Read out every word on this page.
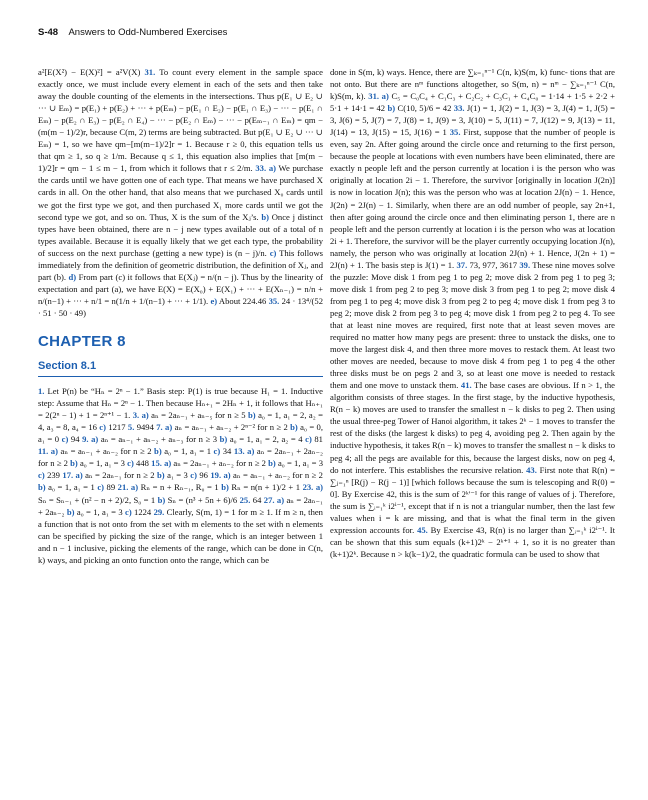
S-48 Answers to Odd-Numbered Exercises

a²[E(X²) − E(X)²] = a²V(X) 31. To count every element in the sample space exactly once, we must include every element in each of the sets and then take away the double counting of the elements in the intersections. Thus p(E₁ ∪ E₂ ∪ ··· ∪ Eₘ) = p(E₁) + p(E₂) + ··· + p(Eₘ) − p(E₁ ∩ E₂) − p(E₁ ∩ E₃) − ··· − p(E₁ ∩ Eₘ) − p(E₂ ∩ E₃) − p(E₂ ∩ E₄) − ··· − p(E₂ ∩ Eₘ) − ··· − p(Eₘ₋₁ ∩ Eₘ) = qm − (m(m − 1)/2)r, because C(m, 2) terms are being subtracted. But p(E₁ ∪ E₂ ∪ ··· ∪ Eₘ) = 1, so we have qm−[m(m−1)/2]r = 1. Because r ≥ 0, this equation tells us that qm ≥ 1, so q ≥ 1/m. Because q ≤ 1, this equation also implies that [m(m − 1)/2]r = qm − 1 ≤ m − 1, from which it follows that r ≤ 2/m. 33. a) We purchase the cards until we have gotten one of each type. That means we have purchased X cards in all. On the other hand, that also means that we purchased X₀ cards until we got the first type we got, and then purchased X₁ more cards until we got the second type we got, and so on. Thus, X is the sum of the Xⱼ’s. b) Once j distinct types have been obtained, there are n − j new types available out of a total of n types available. Because it is equally likely that we get each type, the probability of success on the next purchase (getting a new type) is (n − j)/n. c) This follows immediately from the definition of geometric distribution, the definition of Xⱼ, and part (b). d) From part (c) it follows that E(Xⱼ) = n/(n − j). Thus by the linearity of expectation and part (a), we have E(X) = E(X₀) + E(X₁) + ··· + E(Xₙ₋₁) = n/n + n/(n−1) + ··· + n/1 = n(1/n + 1/(n−1) + ··· + 1/1). e) About 224.46 35. 24 · 13⁴/(52 · 51 · 50 · 49)

CHAPTER 8
Section 8.1

1. Let P(n) be “Hₙ = 2ⁿ − 1.” Basis step: P(1) is true because H₁ = 1. Inductive step: Assume that Hₙ = 2ⁿ − 1. Then because Hₙ₊₁ = 2Hₙ + 1, it follows that Hₙ₊₁ = 2(2ⁿ − 1) + 1 = 2ⁿ⁺¹ − 1. 3. a) aₙ = 2aₙ₋₁ + aₙ₋₅ for n ≥ 5 b) a₀ = 1, a₁ = 2, a₂ = 4, a₃ = 8, a₄ = 16 c) 1217 5. 9494 7. a) aₙ = aₙ₋₁ + aₙ₋₂ + 2ⁿ⁻² for n ≥ 2 b) a₀ = 0, a₁ = 0 c) 94 9. a) aₙ = aₙ₋₁ + aₙ₋₂ + aₙ₋₃ for n ≥ 3 b) a₀ = 1, a₁ = 2, a₂ = 4 c) 81 11. a) aₙ = aₙ₋₁ + aₙ₋₂ for n ≥ 2 b) a₀ = 1, a₁ = 1 c) 34 13. a) aₙ = 2aₙ₋₁ + 2aₙ₋₂ for n ≥ 2 b) a₀ = 1, a₁ = 3 c) 448 15. a) aₙ = 2aₙ₋₁ + aₙ₋₂ for n ≥ 2 b) a₀ = 1, a₁ = 3 c) 239 17. a) aₙ = 2aₙ₋₁ for n ≥ 2 b) a₁ = 3 c) 96 19. a) aₙ = aₙ₋₁ + aₙ₋₂ for n ≥ 2 b) a₀ = 1, a₁ = 1 c) 89 21. a) Rₙ = n + Rₙ₋₁, R₀ = 1 b) Rₙ = n(n + 1)/2 + 1 23. a) Sₙ = Sₙ₋₁ + (n² − n + 2)/2, S₀ = 1 b) Sₙ = (n³ + 5n + 6)/6 25. 64 27. a) aₙ = 2aₙ₋₁ + 2aₙ₋₂ b) a₀ = 1, a₁ = 3 c) 1224 29. Clearly, S(m, 1) = 1 for m ≥ 1. If m ≥ n, then a function that is not onto from the set with m elements to the set with n elements can be specified by picking the size of the range, which is an integer between 1 and n − 1 inclusive, picking the elements of the range, which can be done in C(n, k) ways, and picking an onto function onto the range, which can be

done in S(m, k) ways. Hence, there are ∑ₖ₌₁ⁿ⁻¹ C(n, k)S(m, k) func- tions that are not onto. But there are nᵐ functions altogether, so S(m, n) = nᵐ − ∑ₖ₌₁ⁿ⁻¹ C(n, k)S(m, k). 31. a) C₅ = C₀C₄ + C₁C₃ + C₂C₂ + C₃C₁ + C₄C₀ = 1·14 + 1·5 + 2·2 + 5·1 + 14·1 = 42 b) C(10, 5)/6 = 42 33. J(1) = 1, J(2) = 1, J(3) = 3, J(4) = 1, J(5) = 3, J(6) = 5, J(7) = 7, J(8) = 1, J(9) = 3, J(10) = 5, J(11) = 7, J(12) = 9, J(13) = 11, J(14) = 13, J(15) = 15, J(16) = 1 35. First, suppose that the number of people is even, say 2n. After going around the circle once and returning to the first person, because the people at locations with even numbers have been eliminated, there are exactly n people left and the person currently at location i is the person who was originally at location 2i − 1. Therefore, the survivor [originally in location J(2n)] is now in location J(n); this was the person who was at location 2J(n) − 1. Hence, J(2n) = 2J(n) − 1. Similarly, when there are an odd number of people, say 2n+1, then after going around the circle once and then eliminating person 1, there are n people left and the person currently at location i is the person who was at location 2i + 1. Therefore, the survivor will be the player currently occupying location J(n), namely, the person who was originally at location 2J(n) + 1. Hence, J(2n + 1) = 2J(n) + 1. The basis step is J(1) = 1. 37. 73, 977, 3617 39. These nine moves solve the puzzle: Move disk 1 from peg 1 to peg 2; move disk 2 from peg 1 to peg 3; move disk 1 from peg 2 to peg 3; move disk 3 from peg 1 to peg 2; move disk 4 from peg 1 to peg 4; move disk 3 from peg 2 to peg 4; move disk 1 from peg 3 to peg 2; move disk 2 from peg 3 to peg 4; move disk 1 from peg 2 to peg 4. To see that at least nine moves are required, first note that at least seven moves are required no matter how many pegs are present: three to unstack the disks, one to move the largest disk 4, and then three more moves to restack them. At least two other moves are needed, because to move disk 4 from peg 1 to peg 4 the other three disks must be on pegs 2 and 3, so at least one move is needed to restack them and one move to unstack them. 41. The base cases are obvious. If n > 1, the algorithm consists of three stages. In the first stage, by the inductive hypothesis, R(n − k) moves are used to transfer the smallest n − k disks to peg 2. Then using the usual three-peg Tower of Hanoi algorithm, it takes 2ᵏ − 1 moves to transfer the rest of the disks (the largest k disks) to peg 4, avoiding peg 2. Then again by the inductive hypothesis, it takes R(n − k) moves to transfer the smallest n − k disks to peg 4; all the pegs are available for this, because the largest disks, now on peg 4, do not interfere. This establishes the recursive relation. 43. First note that R(n) = ∑ⱼ₌₁ⁿ [R(j) − R(j − 1)] [which follows because the sum is telescoping and R(0) = 0]. By Exercise 42, this is the sum of 2ᵏ'⁻¹ for this range of values of j. Therefore, the sum is ∑ᵢ₌₁ᵏ i2ⁱ⁻¹, except that if n is not a triangular number, then the last few values when i = k are missing, and that is what the final term in the given expression accounts for. 45. By Exercise 43, R(n) is no larger than ∑ᵢ₌₁ᵏ i2ⁱ⁻¹. It can be shown that this sum equals (k+1)2ᵏ − 2ᵏ⁺¹ + 1, so it is no greater than (k+1)2ᵏ. Because n > k(k−1)/2, the quadratic formula can be used to show that
